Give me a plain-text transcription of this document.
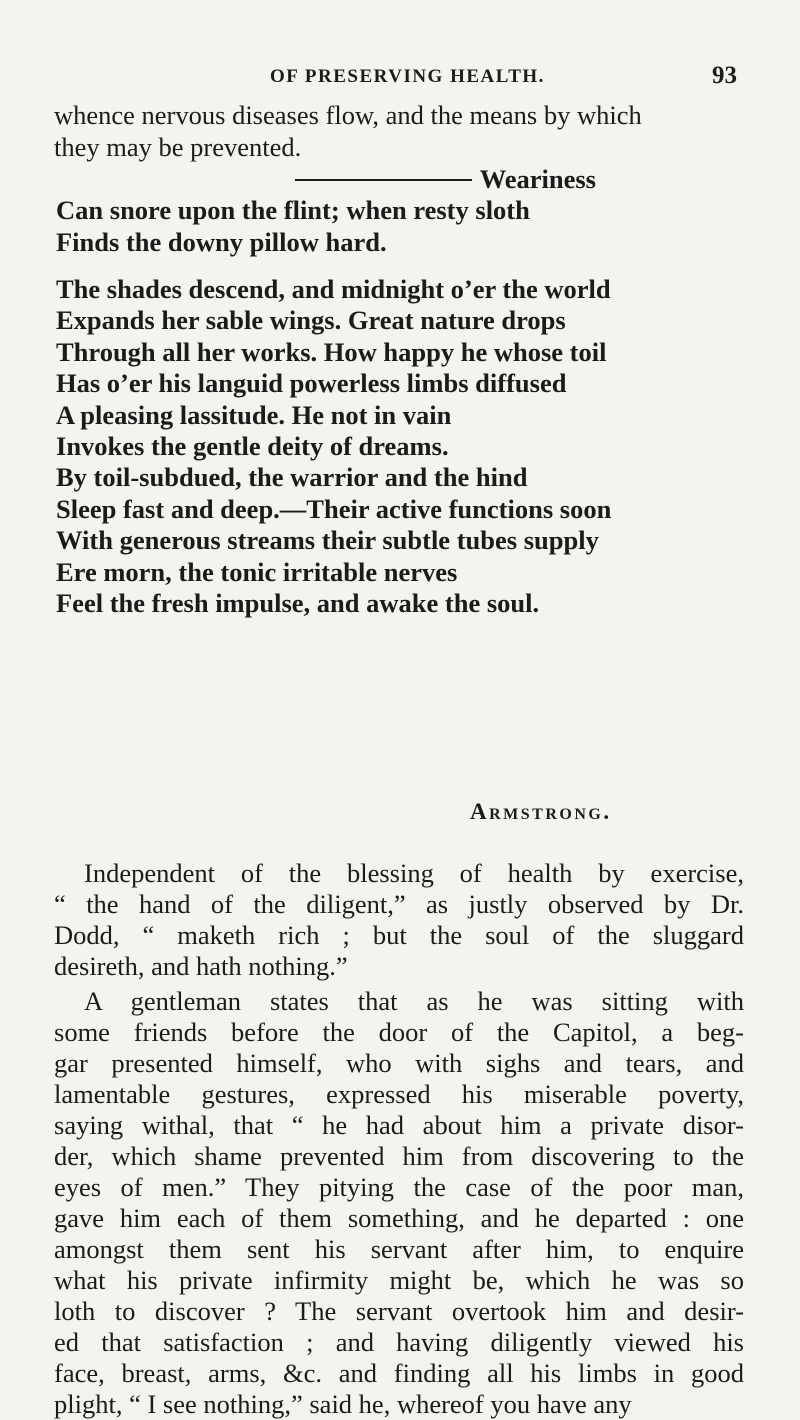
OF PRESERVING HEALTH.	93
whence nervous diseases flow, and the means by which
they may be prevented.
Weariness
Can snore upon the flint; when resty sloth
Finds the downy pillow hard.
The shades descend, and midnight o’er the world
Expands her sable wings. Great nature drops
Through all her works. How happy he whose toil
Has o’er his languid powerless limbs diffused
A pleasing lassitude. He not in vain
Invokes the gentle deity of dreams.
By toil-subdued, the warrior and the hind
Sleep fast and deep.—Their active functions soon
With generous streams their subtle tubes supply
Ere morn, the tonic irritable nerves
Feel the fresh impulse, and awake the soul.
Armstrong.
Independent of the blessing of health by exercise,
“ the hand of the diligent,” as justly observed by Dr.
Dodd, “ maketh rich ; but the soul of the sluggard
desireth, and hath nothing.”
A gentleman states that as he was sitting with
some friends before the door of the Capitol, a beg-
gar presented himself, who with sighs and tears, and
lamentable gestures, expressed his miserable poverty,
saying withal, that “ he had about him a private disor-
der, which shame prevented him from discovering to the
eyes of men.” They pitying the case of the poor man,
gave him each of them something, and he departed : one
amongst them sent his servant after him, to enquire
what his private infirmity might be, which he was so
loth to discover ? The servant overtook him and desir-
ed that satisfaction ; and having diligently viewed his
face, breast, arms, &c. and finding all his limbs in good
plight, “ I see nothing,” said he, whereof you have any
